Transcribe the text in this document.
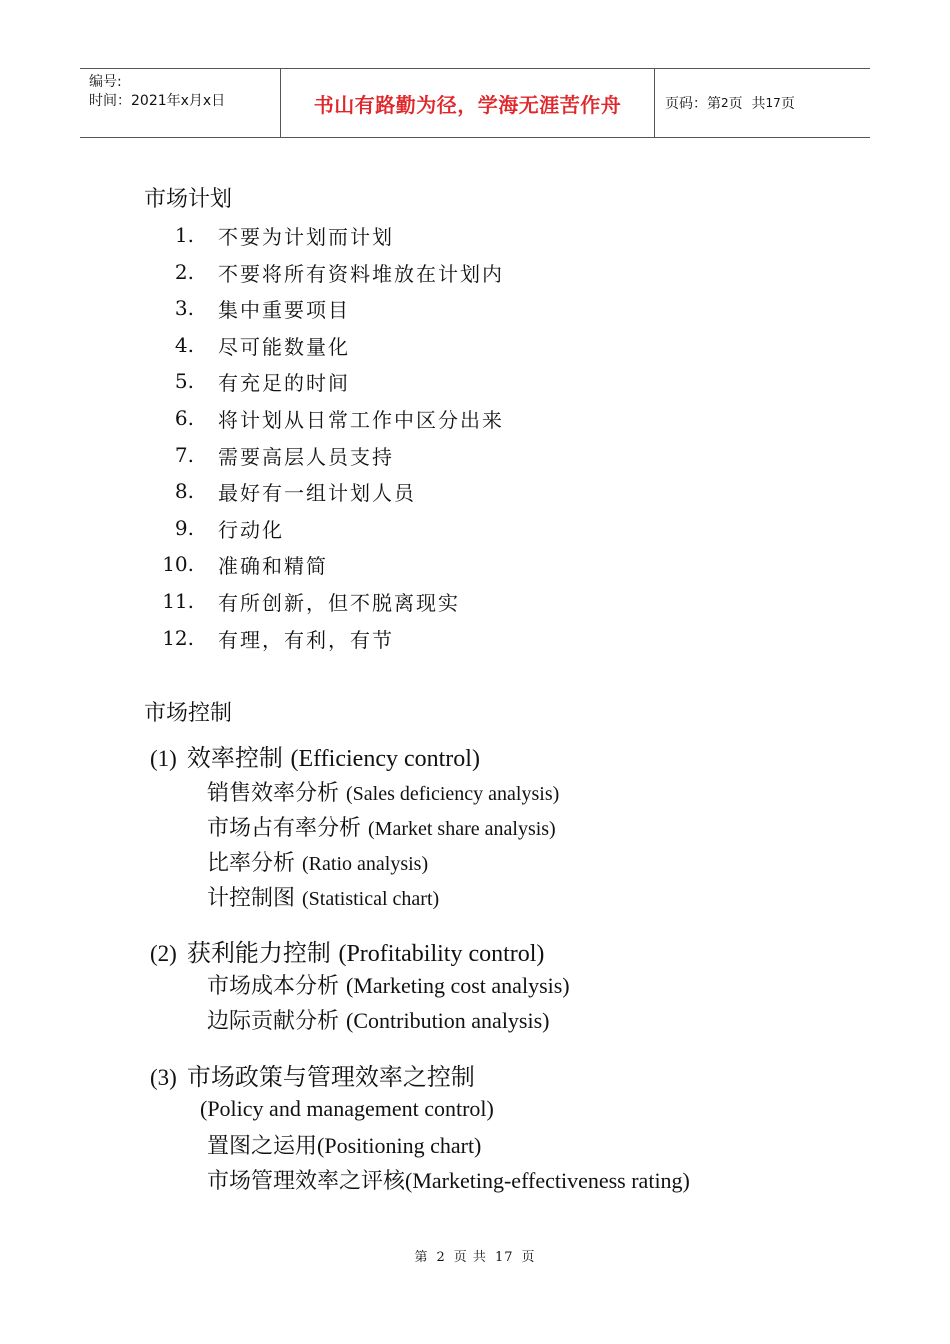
编号:
时间：2021年x月x日	书山有路勤为径，学海无涯苦作舟	页码：第 2 页  共 17 页
市场计划
1. 不要为计划而计划
2. 不要将所有资料堆放在计划内
3. 集中重要项目
4. 尽可能数量化
5. 有充足的时间
6. 将计划从日常工作中区分出来
7. 需要高层人员支持
8. 最好有一组计划人员
9. 行动化
10. 准确和精简
11. 有所创新，但不脱离现实
12. 有理，有利，有节
市场控制
(1) 效率控制 (Efficiency control)
销售效率分析 (Sales deficiency analysis)
市场占有率分析 (Market share analysis)
比率分析 (Ratio analysis)
计控制图 (Statistical chart)
(2) 获利能力控制 (Profitability control)
市场成本分析 (Marketing cost analysis)
边际贡献分析 (Contribution analysis)
(3) 市场政策与管理效率之控制
(Policy and management control)
置图之运用(Positioning chart)
市场管理效率之评核(Marketing-effectiveness rating)
第 2 页 共 17 页
